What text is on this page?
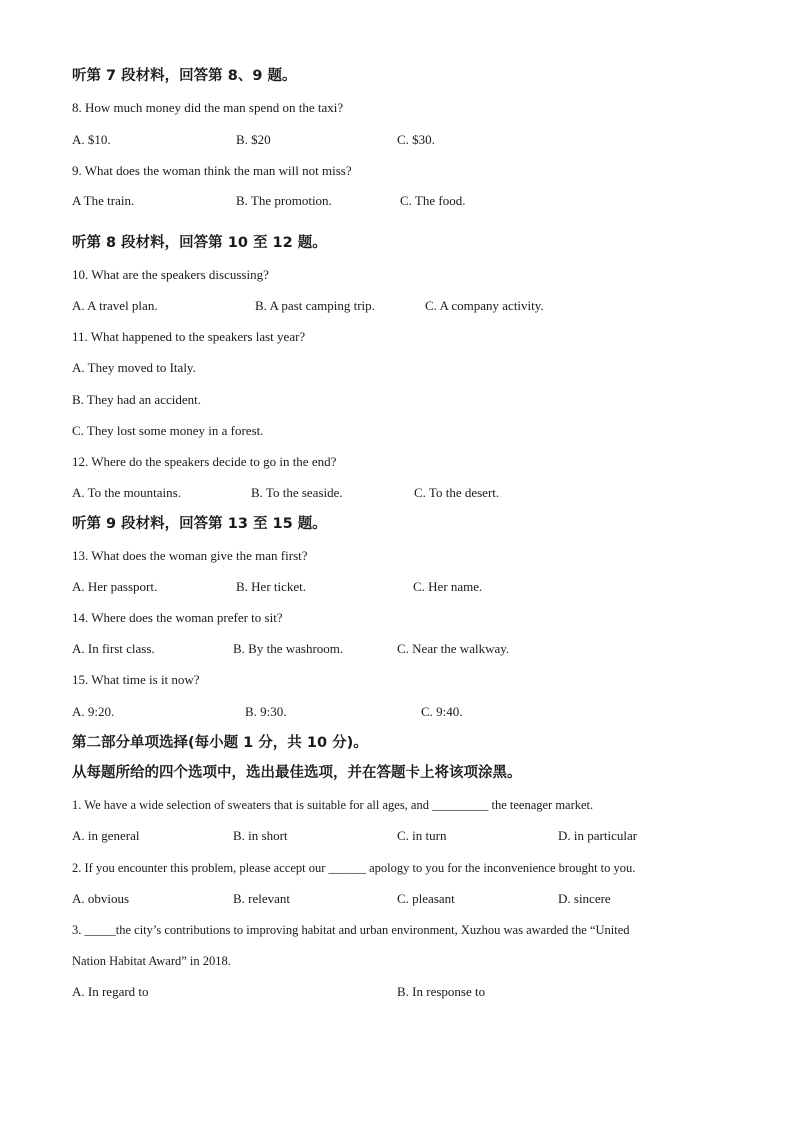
听第 7 段材料，回答第 8、9 题。
8. How much money did the man spend on the taxi?
A. $10.	B. $20	C. $30.
9. What does the woman think the man will not miss?
A The train.	B. The promotion.	C. The food.
听第 8 段材料，回答第 10 至 12 题。
10. What are the speakers discussing?
A. A travel plan.	B. A past camping trip.	C. A company activity.
11. What happened to the speakers last year?
A. They moved to Italy.
B. They had an accident.
C. They lost some money in a forest.
12. Where do the speakers decide to go in the end?
A. To the mountains.	B. To the seaside.	C. To the desert.
听第 9 段材料，回答第 13 至 15 题。
13. What does the woman give the man first?
A. Her passport.	B. Her ticket.	C. Her name.
14. Where does the woman prefer to sit?
A. In first class.	B. By the washroom.	C. Near the walkway.
15. What time is it now?
A. 9:20.	B. 9:30.	C. 9:40.
第二部分单项选择(每小题 1 分，共 10 分)。
从每题所给的四个选项中，选出最佳选项，并在答题卡上将该项涂黑。
1. We have a wide selection of sweaters that is suitable for all ages, and _________ the teenager market.
A. in general	B. in short	C. in turn	D. in particular
2. If you encounter this problem, please accept our ______ apology to you for the inconvenience brought to you.
A. obvious	B. relevant	C. pleasant	D. sincere
3. _____the city’s contributions to improving habitat and urban environment, Xuzhou was awarded the “United
Nation Habitat Award” in 2018.
A. In regard to	B. In response to
